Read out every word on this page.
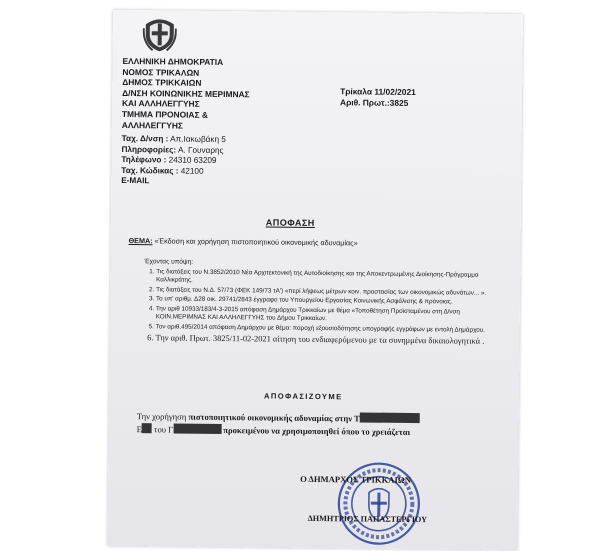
ΕΛΛΗΝΙΚΗ ΔΗΜΟΚΡΑΤΙΑ
ΝΟΜΟΣ ΤΡΙΚΑΛΩΝ
ΔΗΜΟΣ ΤΡΙΚΚΑΙΩΝ
Δ/ΝΣΗ ΚΟΙΝΩΝΙΚΗΣ ΜΕΡΙΜΝΑΣ
ΚΑΙ ΑΛΛΗΛΕΓΓΥΗΣ
ΤΜΗΜΑ ΠΡΟΝΟΙΑΣ &
ΑΛΛΗΛΕΓΓΥΗΣ
Ταχ. Δ/νση : Απ.Ιακωβάκη 5
Πληροφορίες: Α. Γουναρης
Τηλέφωνο : 24310 63209
Ταχ. Κώδικας : 42100
E-MAIL
Τρίκαλα 11/02/2021
Αριθ. Πρωτ.:3825
ΑΠΟΦΑΣΗ
ΘΕΜΑ: «Έκδοση και χορήγηση πιστοποιητικού οικονομικής αδυναμίας»
Έχοντας υπόψη:
1. Τις διατάξεις του Ν.3852/2010 Νέα Αρχιτεκτονική της Αυτοδιοίκησης και της Αποκεντρωμένης Διοίκησης-Πρόγραμμα Καλλικράτης.
2. Τις διατάξεις του Ν.Δ. 57/73 (ΦΕΚ 149/73 τΑ') «περί λήψεως μέτρων κοιν. προστασίας των οικονομικώς αδυνάτων... ».
3. Το υπ' αριθμ. Δ28 οικ. 29741/2843 έγγραφο του Υπουργείου Εργασίας Κοινωνικής Ασφάλισης & πρόνοιας.
4. Την αριθ 10933/183/4-3-2015 απόφαση Δημάρχου Τρικκαίων με θέμα «Τοποθέτηση Προϊσταμένου στη Δ/νση ΚΟΙΝ.ΜΕΡΙΜΝΑΣ ΚΑΙ ΑΛΛΗΛΕΓΓΥΗΣ του Δήμου Τρικκαίων.
5. Τον αριθ.495/2014 απόφαση Δημάρχου με θέμα: παροχή εξουσιοδότησης υπογραφής εγγράφων με εντολή Δημάρχου.
6. Την αριθ. Πρωτ. 3825/11-02-2021 αίτηση του ενδιαφερόμενου με τα συνημμένα δικαιολογητικά .
ΑΠΟΦΑΣΙΖΟΥΜΕ
Την χορήγηση πιστοποιητικού οικονομικής αδυναμίας στην Τ
Ε του Γ	προκειμένου να χρησιμοποιηθεί όπου το χρειάζεται
Ο ΔΗΜΑΡΧΟΣ ΤΡΙΚΚΑΙΩΝ
ΔΗΜΗΤΡΙΟΣ ΠΑΠΑΣΤΕΡΓΙΟΥ
